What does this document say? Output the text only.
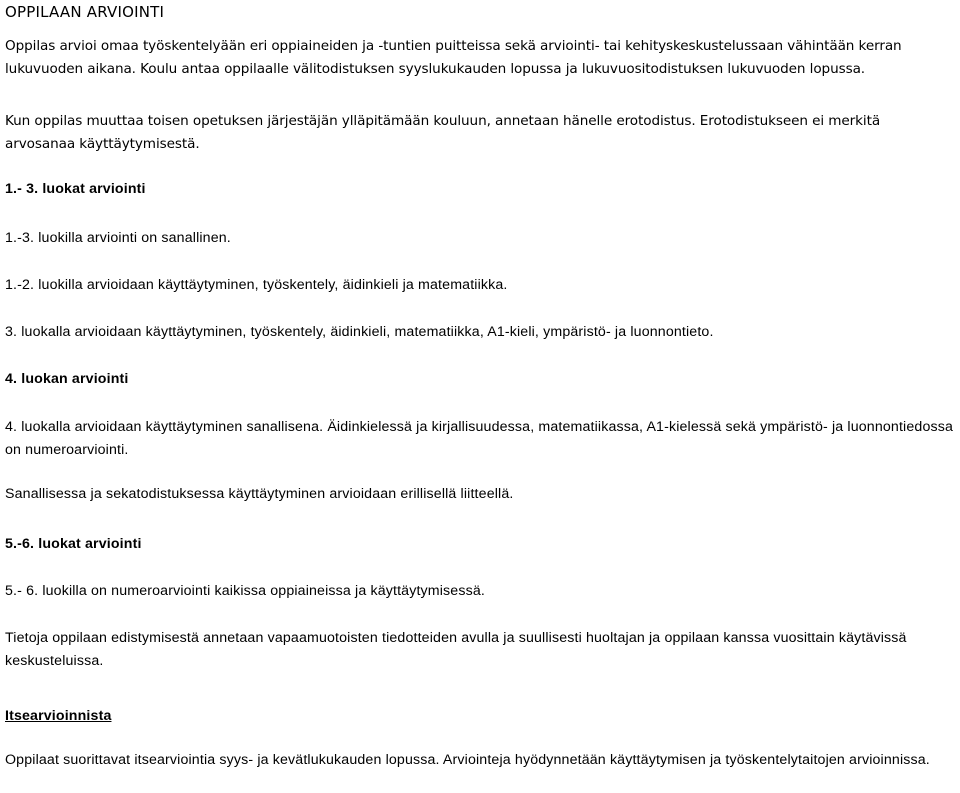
OPPILAAN ARVIOINTI

Oppilas arvioi omaa työskentelyään eri oppiaineiden ja -tuntien puitteissa sekä arviointi- tai kehityskeskustelussaan vähintään kerran lukuvuoden aikana. Koulu antaa oppilaalle välitodistuksen syyslukukauden lopussa ja lukuvuositodistuksen lukuvuoden lopussa.

Kun oppilas muuttaa toisen opetuksen järjestäjän ylläpitämään kouluun, annetaan hänelle erotodistus. Erotodistukseen ei merkitä arvosanaa käyttäytymisestä.

1.- 3. luokat arviointi

1.-3. luokilla arviointi on sanallinen.

1.-2. luokilla arvioidaan käyttäytyminen, työskentely, äidinkieli ja matematiikka.

3. luokalla arvioidaan käyttäytyminen, työskentely, äidinkieli, matematiikka, A1-kieli, ympäristö- ja luonnontieto.

4. luokan arviointi

4. luokalla arvioidaan käyttäytyminen sanallisena. Äidinkielessä ja kirjallisuudessa, matematiikassa, A1-kielessä sekä ympäristö- ja luonnontiedossa on numeroarviointi.

Sanallisessa ja sekatodistuksessa käyttäytyminen arvioidaan erillisellä liitteellä.

5.-6. luokat arviointi

5.- 6. luokilla on numeroarviointi kaikissa oppiaineissa ja käyttäytymisessä.

Tietoja oppilaan edistymisestä annetaan vapaamuotoisten tiedotteiden avulla ja suullisesti huoltajan ja oppilaan kanssa vuosittain käytävissä keskusteluissa.

Itsearvioinnista

Oppilaat suorittavat itsearviointia syys- ja kevätlukukauden lopussa. Arviointeja hyödynnetään käyttäytymisen ja työskentelytaitojen arvioinnissa.
